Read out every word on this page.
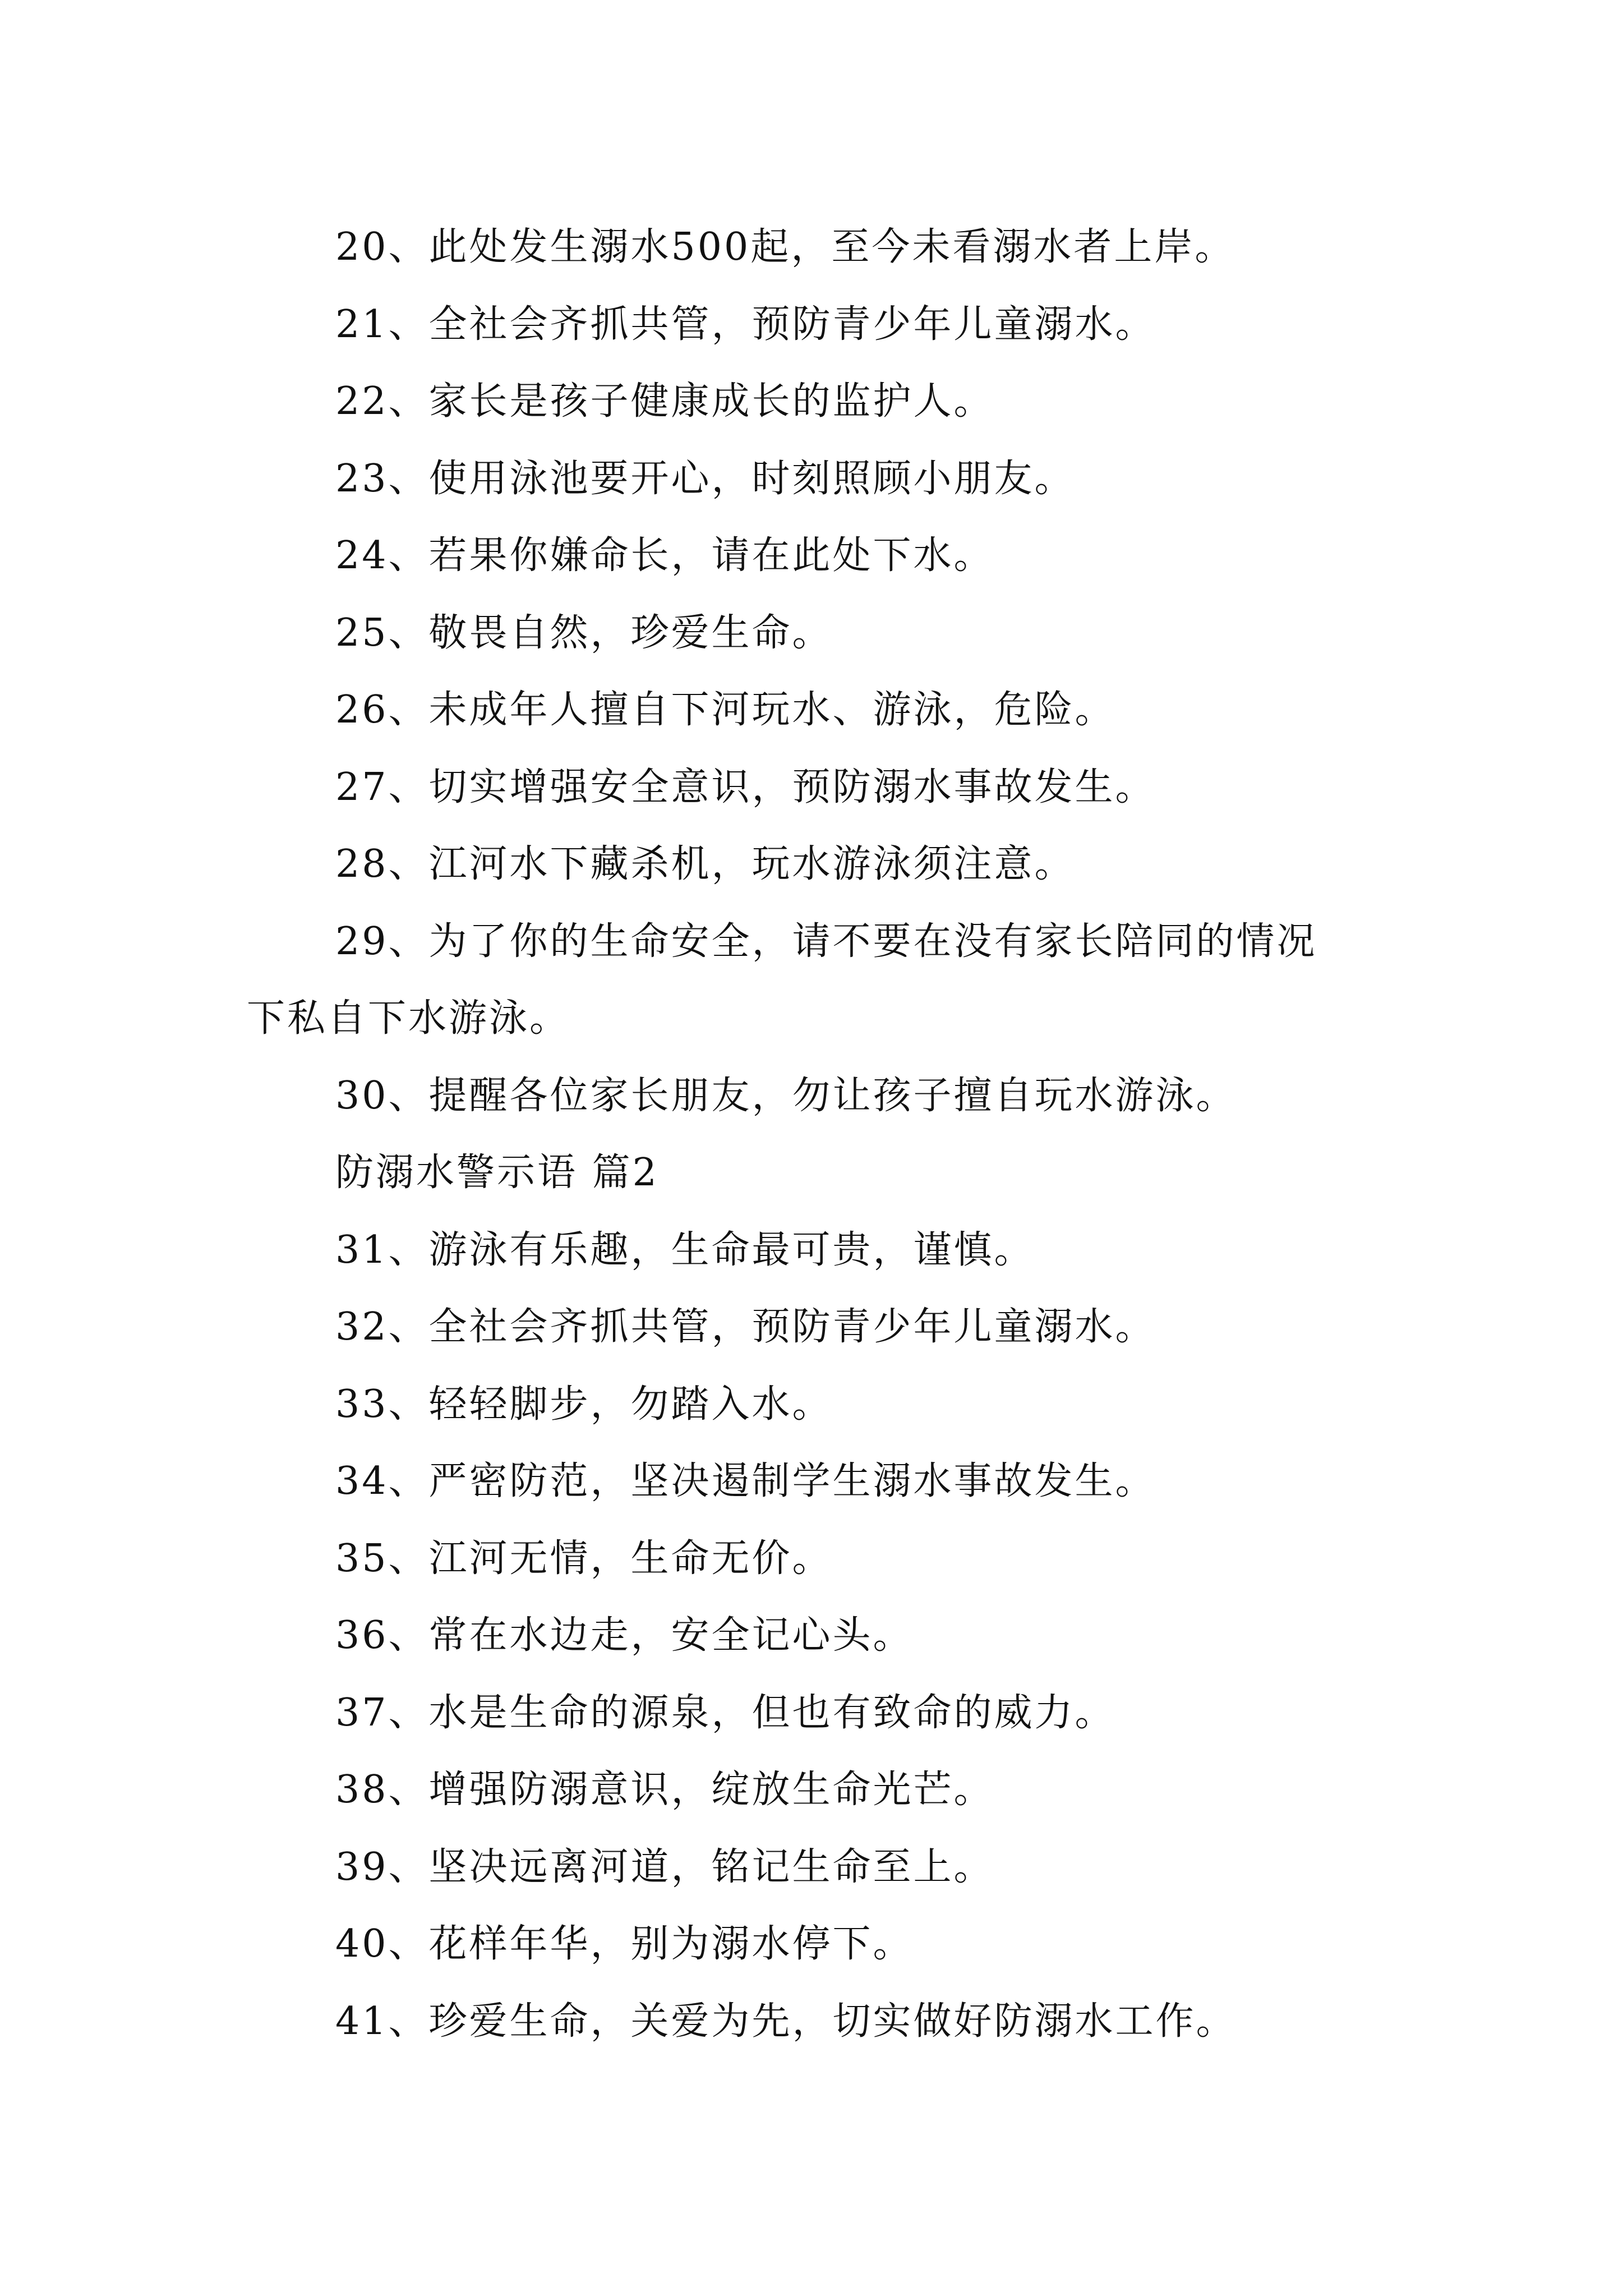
20、此处发生溺水500起，至今未看溺水者上岸。
21、全社会齐抓共管，预防青少年儿童溺水。
22、家长是孩子健康成长的监护人。
23、使用泳池要开心，时刻照顾小朋友。
24、若果你嫌命长，请在此处下水。
25、敬畏自然，珍爱生命。
26、未成年人擅自下河玩水、游泳，危险。
27、切实增强安全意识，预防溺水事故发生。
28、江河水下藏杀机，玩水游泳须注意。
29、为了你的生命安全，请不要在没有家长陪同的情况
下私自下水游泳。
30、提醒各位家长朋友，勿让孩子擅自玩水游泳。
防溺水警示语 篇2
31、游泳有乐趣，生命最可贵，谨慎。
32、全社会齐抓共管，预防青少年儿童溺水。
33、轻轻脚步，勿踏入水。
34、严密防范，坚决遏制学生溺水事故发生。
35、江河无情，生命无价。
36、常在水边走，安全记心头。
37、水是生命的源泉，但也有致命的威力。
38、增强防溺意识，绽放生命光芒。
39、坚决远离河道，铭记生命至上。
40、花样年华，别为溺水停下。
41、珍爱生命，关爱为先，切实做好防溺水工作。
